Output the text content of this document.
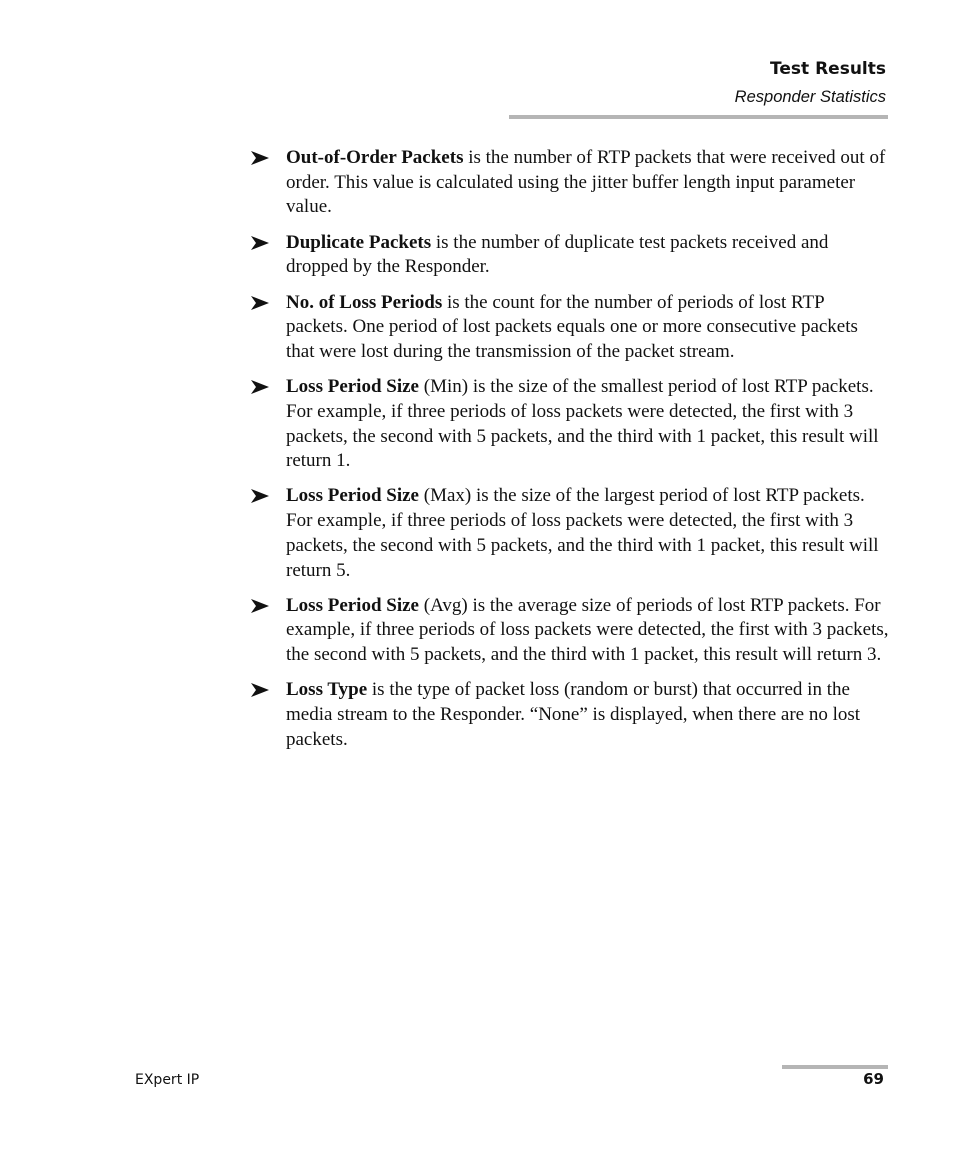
Test Results
Responder Statistics
Out-of-Order Packets is the number of RTP packets that were received out of order. This value is calculated using the jitter buffer length input parameter value.
Duplicate Packets is the number of duplicate test packets received and dropped by the Responder.
No. of Loss Periods is the count for the number of periods of lost RTP packets. One period of lost packets equals one or more consecutive packets that were lost during the transmission of the packet stream.
Loss Period Size (Min) is the size of the smallest period of lost RTP packets. For example, if three periods of loss packets were detected, the first with 3 packets, the second with 5 packets, and the third with 1 packet, this result will return 1.
Loss Period Size (Max) is the size of the largest period of lost RTP packets. For example, if three periods of loss packets were detected, the first with 3 packets, the second with 5 packets, and the third with 1 packet, this result will return 5.
Loss Period Size (Avg) is the average size of periods of lost RTP packets. For example, if three periods of loss packets were detected, the first with 3 packets, the second with 5 packets, and the third with 1 packet, this result will return 3.
Loss Type is the type of packet loss (random or burst) that occurred in the media stream to the Responder. “None” is displayed, when there are no lost packets.
EXpert IP	69
